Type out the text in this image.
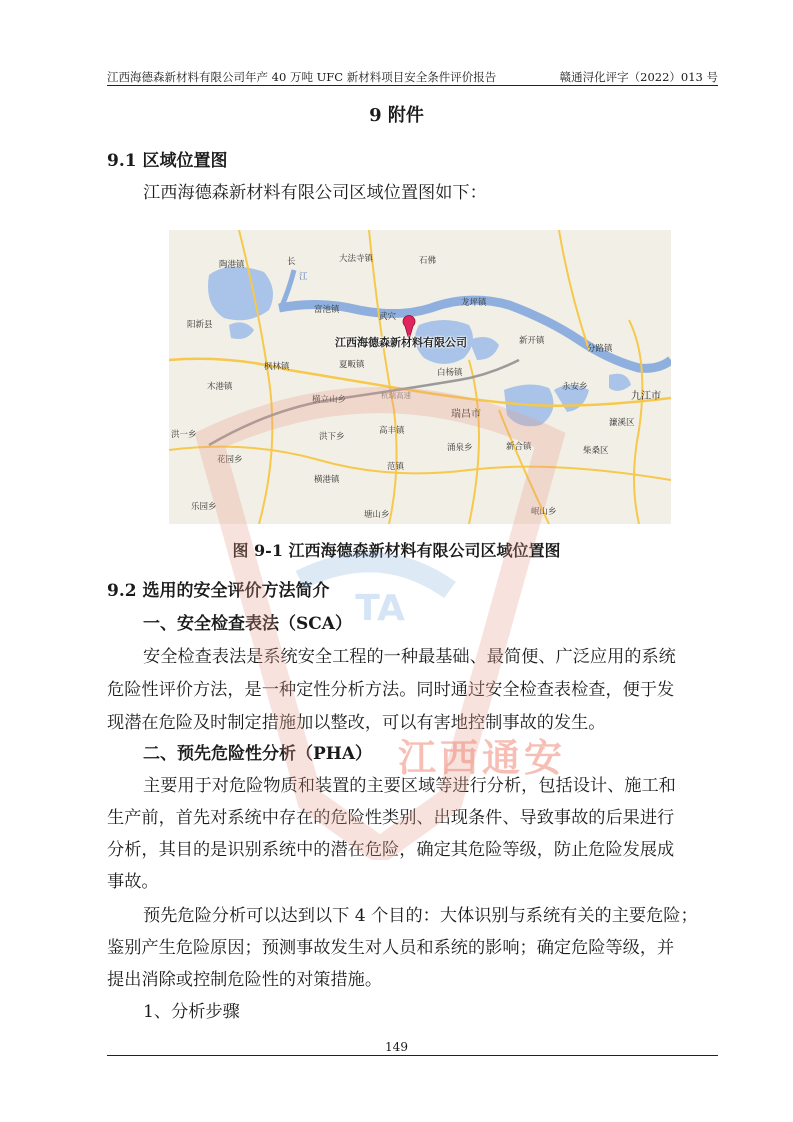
江西海德森新材料有限公司年产 40 万吨 UFC 新材料项目安全条件评价报告	赣通浔化评字（2022）013 号
9 附件
9.1 区域位置图
江西海德森新材料有限公司区域位置图如下：
大法寺镇	石佛
陶港镇
富池镇
武穴
龙坪镇
阳新县
新开镇
分路镇
枫林镇	夏畈镇
白杨镇
木港镇
横立山乡
永安乡
九江市
瑞昌市
濂溪区
洪一乡	洪下乡
高丰镇
涌泉乡	新合镇	柴桑区
花园乡
范镇
横港镇
乐园乡
塘山乡	岷山乡
长
杭瑞高速
江
江西海德森新材料有限公司
图 9-1 江西海德森新材料有限公司区域位置图
9.2 选用的安全评价方法简介
一、安全检查表法（SCA）
安全检查表法是系统安全工程的一种最基础、最简便、广泛应用的系统
危险性评价方法，是一种定性分析方法。同时通过安全检查表检查，便于发
现潜在危险及时制定措施加以整改，可以有害地控制事故的发生。
二、预先危险性分析（PHA）
主要用于对危险物质和装置的主要区域等进行分析，包括设计、施工和
生产前，首先对系统中存在的危险性类别、出现条件、导致事故的后果进行
分析，其目的是识别系统中的潜在危险，确定其危险等级，防止危险发展成
事故。
预先危险分析可以达到以下 4 个目的：大体识别与系统有关的主要危险；
鉴别产生危险原因；预测事故发生对人员和系统的影响；确定危险等级，并
提出消除或控制危险性的对策措施。
1、分析步骤
TA
江西通安
149
